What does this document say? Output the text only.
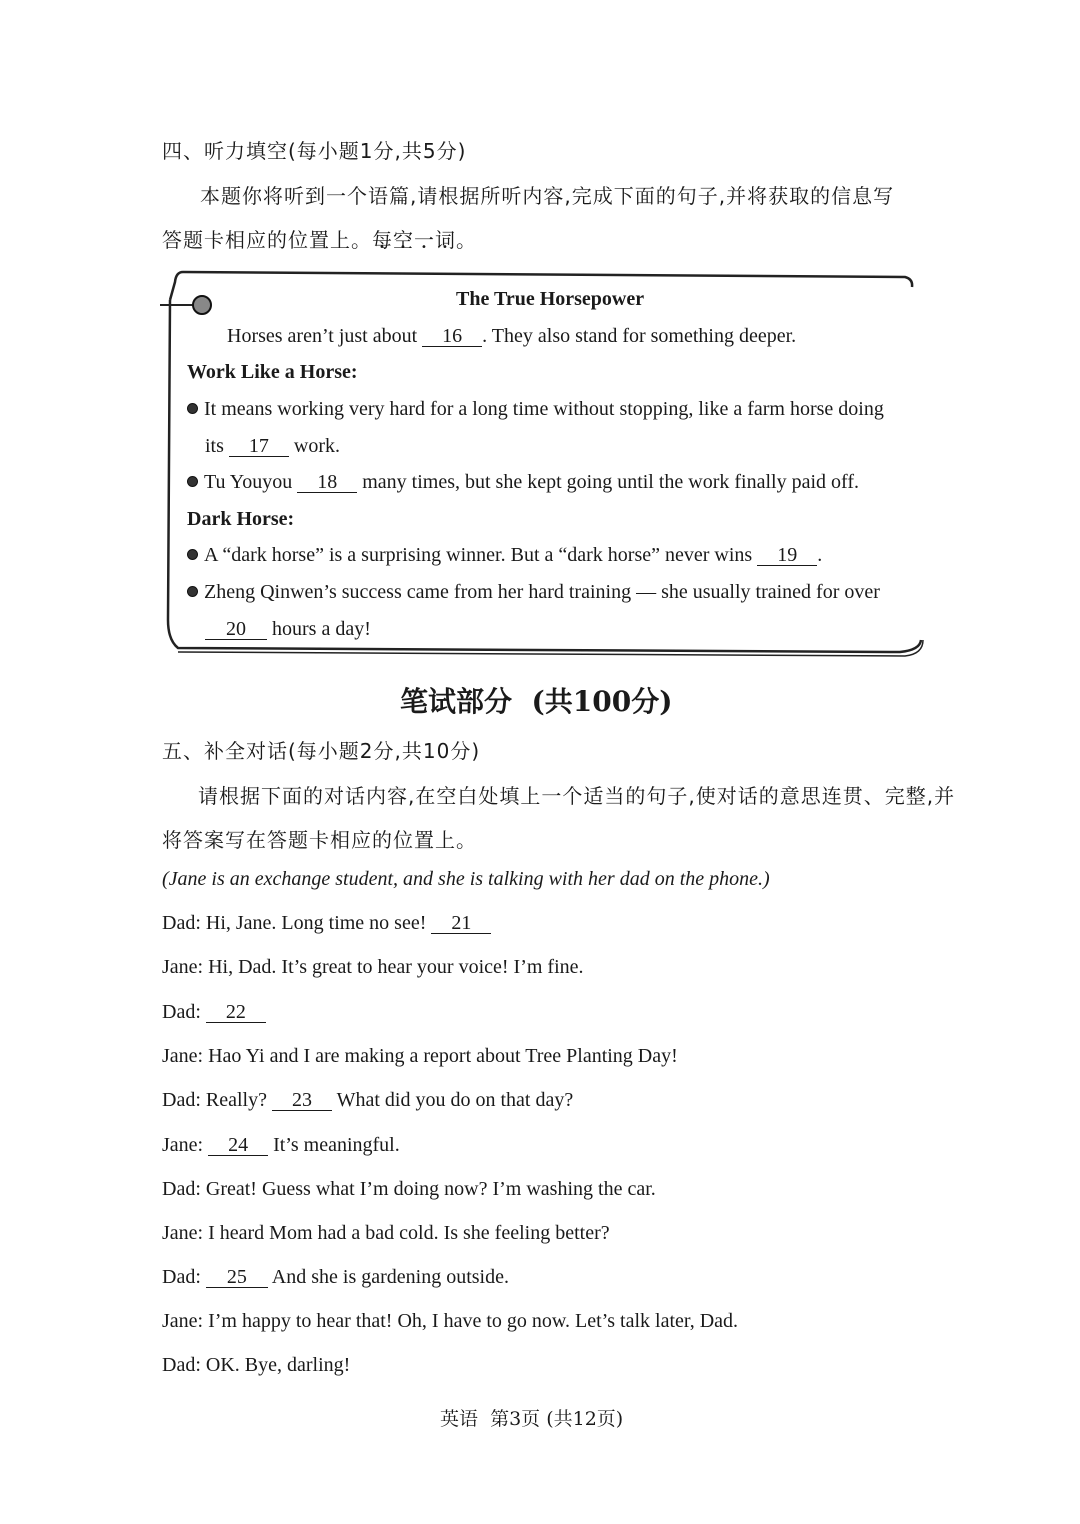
四、听力填空(每小题1分,共5分)
本题你将听到一个语篇,请根据所听内容,完成下面的句子,并将获取的信息写
答题卡相应的位置上。每空一词。
The True Horsepower
Horses aren’t just about 16 . They also stand for something deeper.
Work Like a Horse:
It means working very hard for a long time without stopping, like a farm horse doing
its 17 work.
Tu Youyou 18 many times, but she kept going until the work finally paid off.
Dark Horse:
A “dark horse” is a surprising winner. But a “dark horse” never wins 19 .
Zheng Qinwen’s success came from her hard training — she usually trained for over
20 hours a day!
笔试部分  (共100分)
五、补全对话(每小题2分,共10分)
请根据下面的对话内容,在空白处填上一个适当的句子,使对话的意思连贯、完整,并
将答案写在答题卡相应的位置上。
(Jane is an exchange student, and she is talking with her dad on the phone.)
Dad: Hi, Jane. Long time no see! 21
Jane: Hi, Dad. It’s great to hear your voice! I’m fine.
Dad: 22
Jane: Hao Yi and I are making a report about Tree Planting Day!
Dad: Really? 23 What did you do on that day?
Jane: 24 It’s meaningful.
Dad: Great! Guess what I’m doing now? I’m washing the car.
Jane: I heard Mom had a bad cold. Is she feeling better?
Dad: 25 And she is gardening outside.
Jane: I’m happy to hear that! Oh, I have to go now. Let’s talk later, Dad.
Dad: OK. Bye, darling!
英语  第3页 (共12页)
